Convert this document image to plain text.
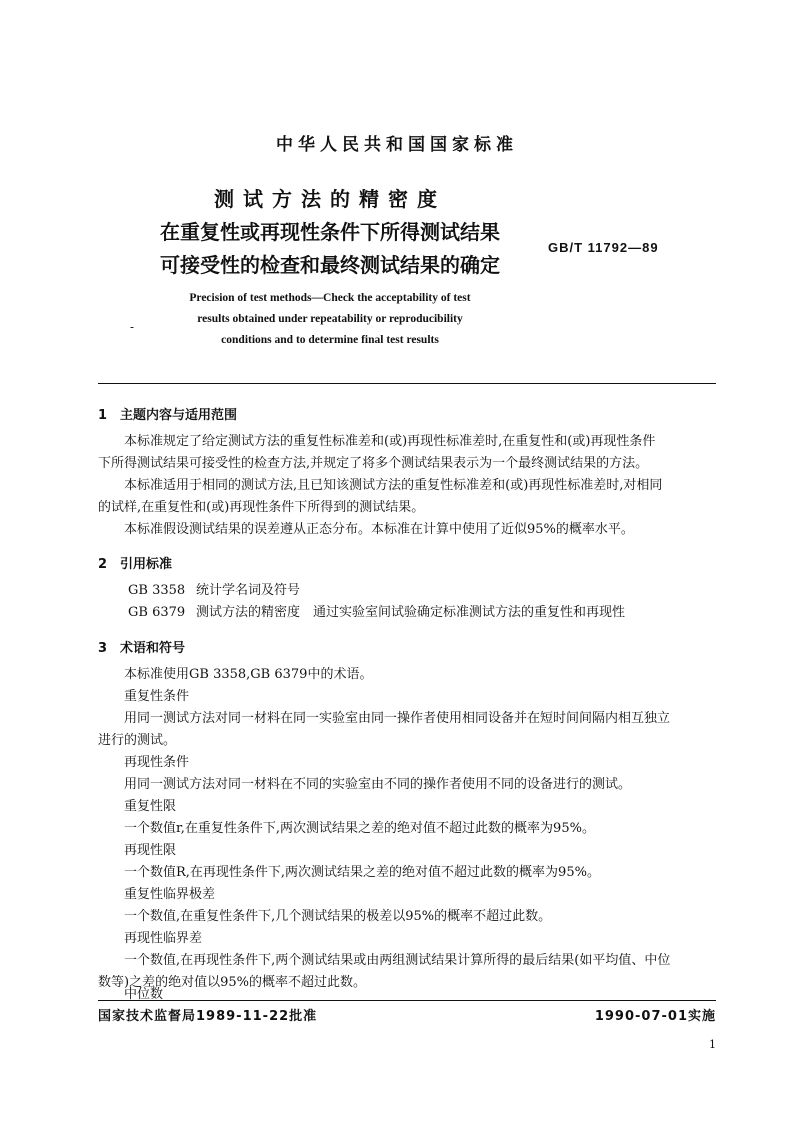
中华人民共和国国家标准
测试方法的精密度
在重复性或再现性条件下所得测试结果
可接受性的检查和最终测试结果的确定
GB/T 11792—89
Precision of test methods—Check the acceptability of test
results obtained under repeatability or reproducibility
conditions and to determine final test results
-
1 主题内容与适用范围
本标准规定了给定测试方法的重复性标准差和(或)再现性标准差时,在重复性和(或)再现性条件
下所得测试结果可接受性的检查方法,并规定了将多个测试结果表示为一个最终测试结果的方法。
本标准适用于相同的测试方法,且已知该测试方法的重复性标准差和(或)再现性标准差时,对相同
的试样,在重复性和(或)再现性条件下所得到的测试结果。
本标准假设测试结果的误差遵从正态分布。本标准在计算中使用了近似95%的概率水平。
2 引用标准
GB 3358 统计学名词及符号
GB 6379 测试方法的精密度　通过实验室间试验确定标准测试方法的重复性和再现性
3 术语和符号
本标准使用GB 3358,GB 6379中的术语。
重复性条件
用同一测试方法对同一材料在同一实验室由同一操作者使用相同设备并在短时间间隔内相互独立
进行的测试。
再现性条件
用同一测试方法对同一材料在不同的实验室由不同的操作者使用不同的设备进行的测试。
重复性限
一个数值r,在重复性条件下,两次测试结果之差的绝对值不超过此数的概率为95%。
再现性限
一个数值R,在再现性条件下,两次测试结果之差的绝对值不超过此数的概率为95%。
重复性临界极差
一个数值,在重复性条件下,几个测试结果的极差以95%的概率不超过此数。
再现性临界差
一个数值,在再现性条件下,两个测试结果或由两组测试结果计算所得的最后结果(如平均值、中位
数等)之差的绝对值以95%的概率不超过此数。
中位数
国家技术监督局1989-11-22批准	1990-07-01实施
1
